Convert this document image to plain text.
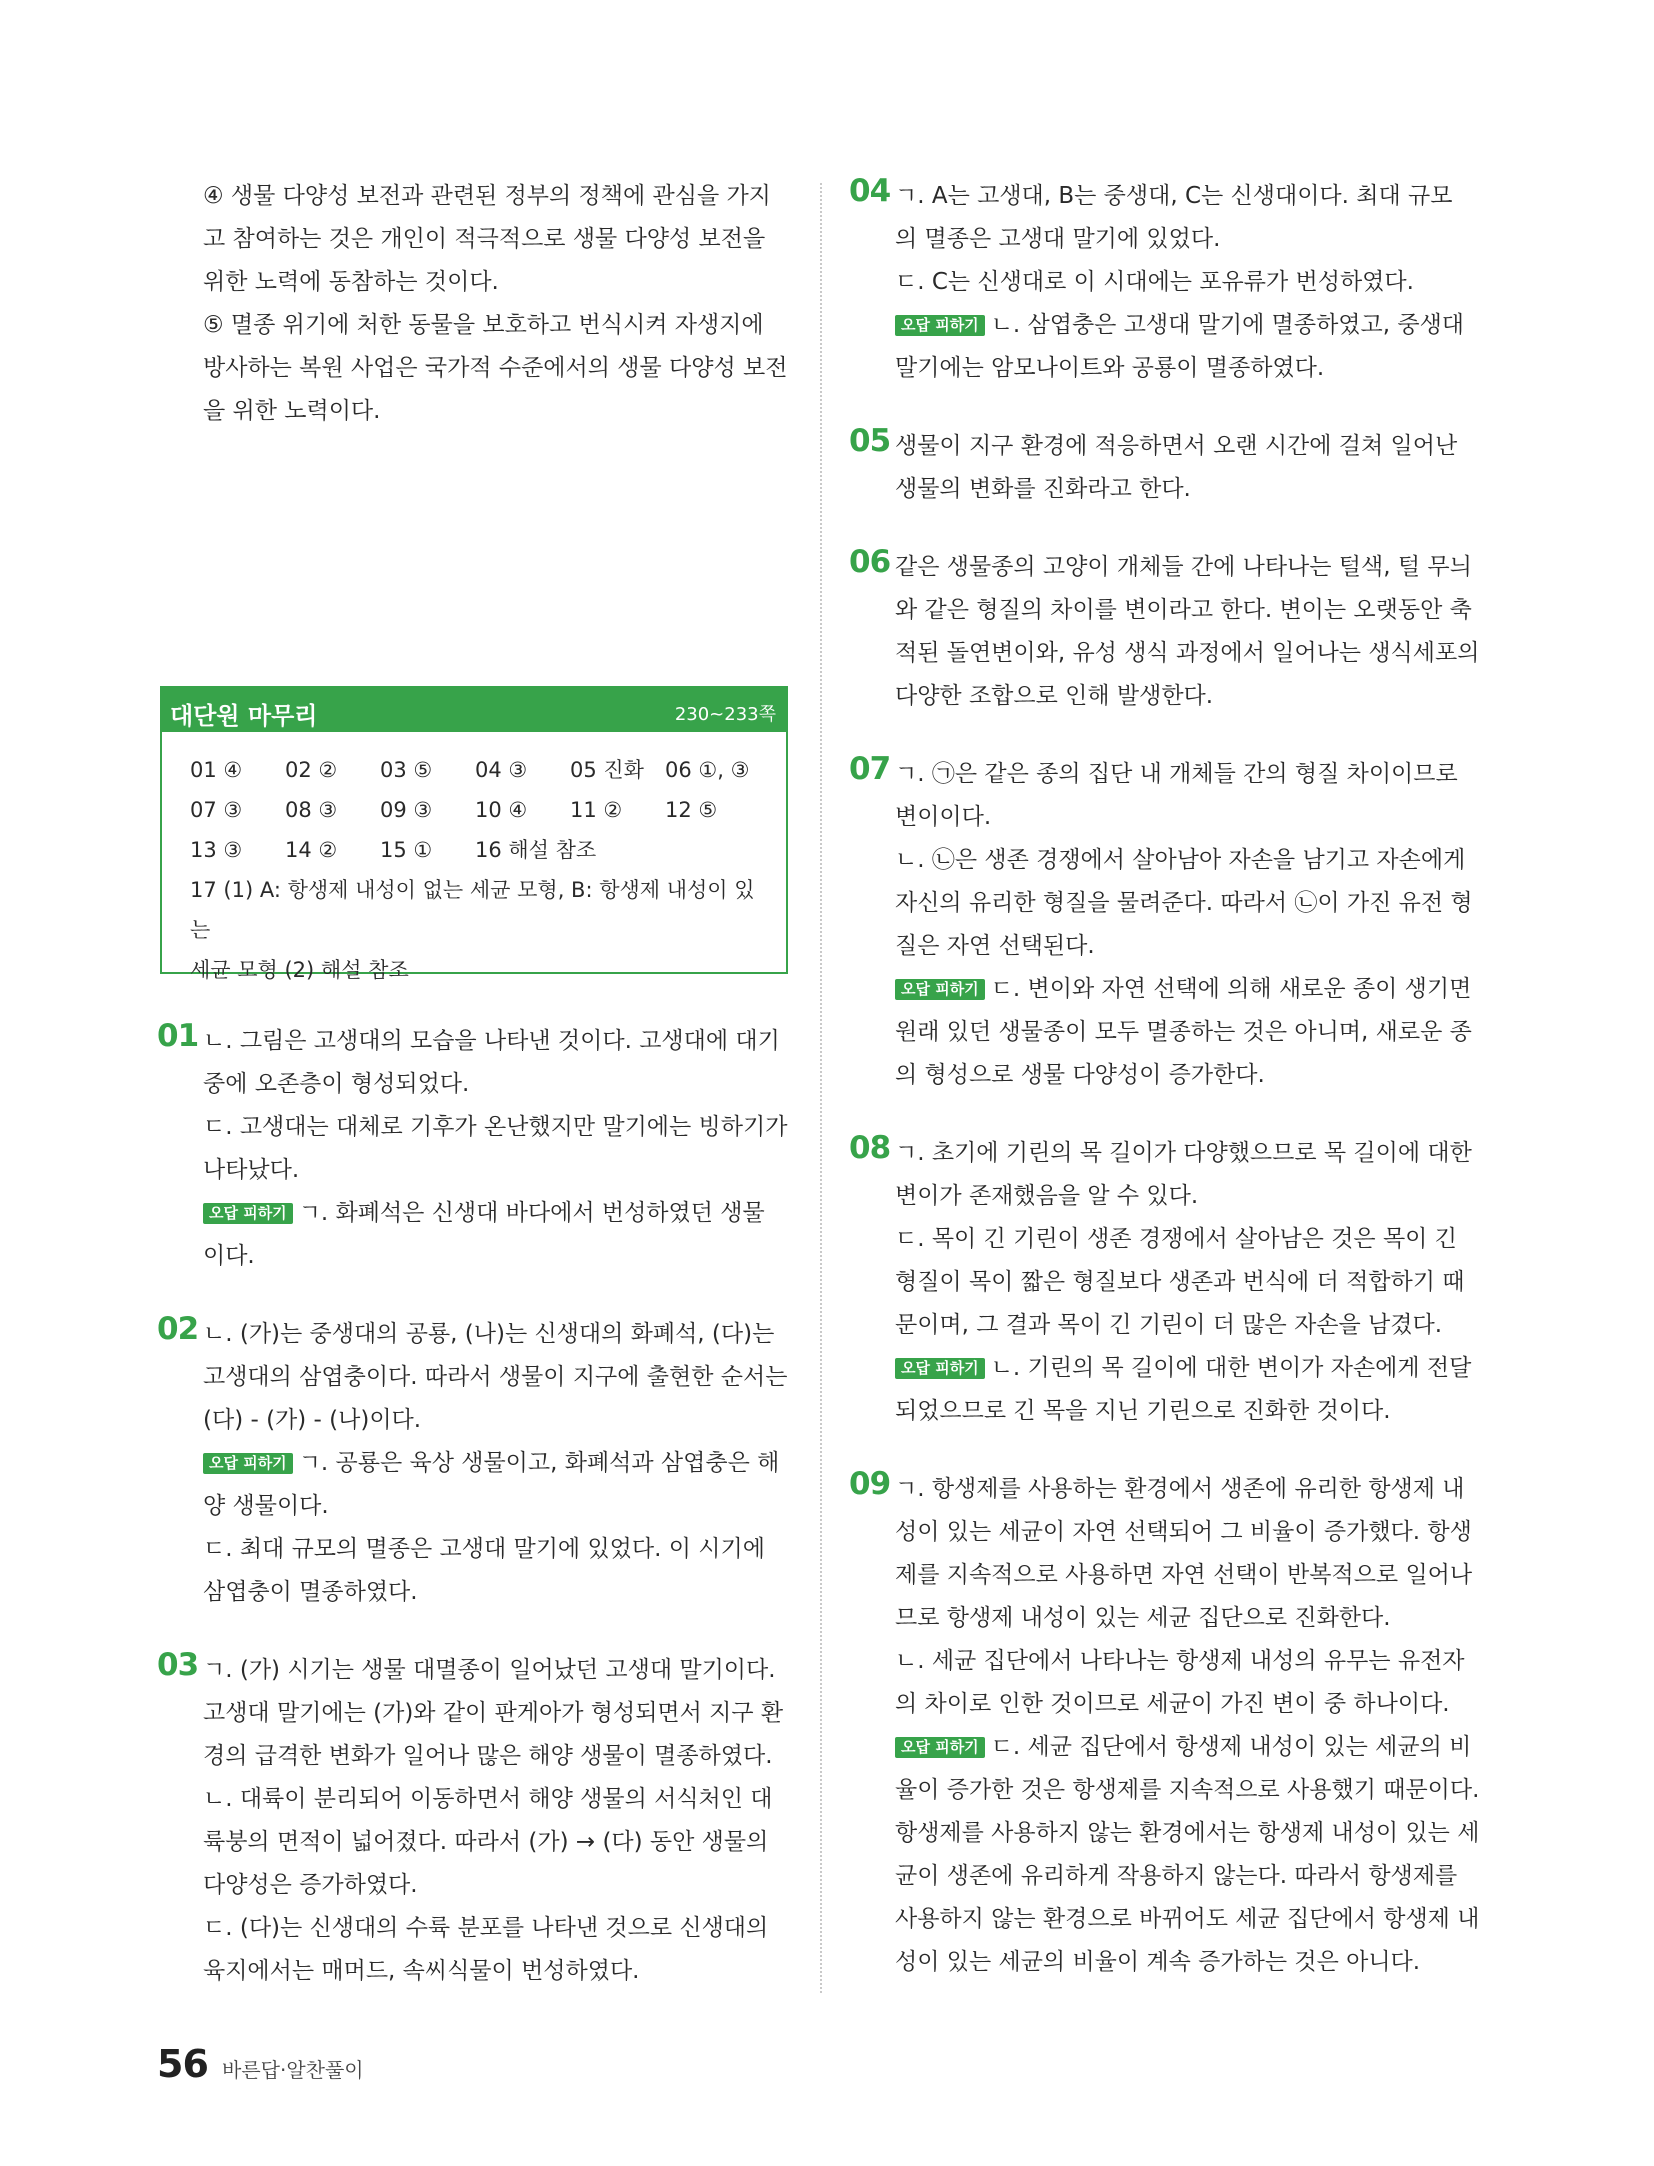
④ 생물 다양성 보전과 관련된 정부의 정책에 관심을 가지

고 참여하는 것은 개인이 적극적으로 생물 다양성 보전을

위한 노력에 동참하는 것이다.

⑤ 멸종 위기에 처한 동물을 보호하고 번식시켜 자생지에

방사하는 복원 사업은 국가적 수준에서의 생물 다양성 보전

을 위한 노력이다.

대단원 마무리	230~233쪽
01 ④ 02 ② 03 ⑤ 04 ③ 05 진화 06 ①, ③
07 ③ 08 ③ 09 ③ 10 ④ 11 ② 12 ⑤
13 ③ 14 ② 15 ① 16 해설 참조

17 (1) A: 항생제 내성이 없는 세균 모형, B: 항생제 내성이 있는

세균 모형 (2) 해설 참조

01 ㄴ. 그림은 고생대의 모습을 나타낸 것이다. 고생대에 대기

중에 오존층이 형성되었다.

ㄷ. 고생대는 대체로 기후가 온난했지만 말기에는 빙하기가

나타났다.

오답 피하기 ㄱ. 화폐석은 신생대 바다에서 번성하였던 생물

이다.

02 ㄴ. (가)는 중생대의 공룡, (나)는 신생대의 화폐석, (다)는

고생대의 삼엽충이다. 따라서 생물이 지구에 출현한 순서는

(다) - (가) - (나)이다.

오답 피하기 ㄱ. 공룡은 육상 생물이고, 화폐석과 삼엽충은 해

양 생물이다.

ㄷ. 최대 규모의 멸종은 고생대 말기에 있었다. 이 시기에

삼엽충이 멸종하였다.

03 ㄱ. (가) 시기는 생물 대멸종이 일어났던 고생대 말기이다.

고생대 말기에는 (가)와 같이 판게아가 형성되면서 지구 환

경의 급격한 변화가 일어나 많은 해양 생물이 멸종하였다.

ㄴ. 대륙이 분리되어 이동하면서 해양 생물의 서식처인 대

륙붕의 면적이 넓어졌다. 따라서 (가) → (다) 동안 생물의

다양성은 증가하였다.

ㄷ. (다)는 신생대의 수륙 분포를 나타낸 것으로 신생대의

육지에서는 매머드, 속씨식물이 번성하였다.

04 ㄱ. A는 고생대, B는 중생대, C는 신생대이다. 최대 규모

의 멸종은 고생대 말기에 있었다.

ㄷ. C는 신생대로 이 시대에는 포유류가 번성하였다.

오답 피하기 ㄴ. 삼엽충은 고생대 말기에 멸종하였고, 중생대

말기에는 암모나이트와 공룡이 멸종하였다.

05 생물이 지구 환경에 적응하면서 오랜 시간에 걸쳐 일어난

생물의 변화를 진화라고 한다.

06 같은 생물종의 고양이 개체들 간에 나타나는 털색, 털 무늬

와 같은 형질의 차이를 변이라고 한다. 변이는 오랫동안 축

적된 돌연변이와, 유성 생식 과정에서 일어나는 생식세포의

다양한 조합으로 인해 발생한다.

07 ㄱ. ㉠은 같은 종의 집단 내 개체들 간의 형질 차이이므로

변이이다.

ㄴ. ㉡은 생존 경쟁에서 살아남아 자손을 남기고 자손에게

자신의 유리한 형질을 물려준다. 따라서 ㉡이 가진 유전 형

질은 자연 선택된다.

오답 피하기 ㄷ. 변이와 자연 선택에 의해 새로운 종이 생기면

원래 있던 생물종이 모두 멸종하는 것은 아니며, 새로운 종

의 형성으로 생물 다양성이 증가한다.

08 ㄱ. 초기에 기린의 목 길이가 다양했으므로 목 길이에 대한

변이가 존재했음을 알 수 있다.

ㄷ. 목이 긴 기린이 생존 경쟁에서 살아남은 것은 목이 긴

형질이 목이 짧은 형질보다 생존과 번식에 더 적합하기 때

문이며, 그 결과 목이 긴 기린이 더 많은 자손을 남겼다.

오답 피하기 ㄴ. 기린의 목 길이에 대한 변이가 자손에게 전달

되었으므로 긴 목을 지닌 기린으로 진화한 것이다.

09 ㄱ. 항생제를 사용하는 환경에서 생존에 유리한 항생제 내

성이 있는 세균이 자연 선택되어 그 비율이 증가했다. 항생

제를 지속적으로 사용하면 자연 선택이 반복적으로 일어나

므로 항생제 내성이 있는 세균 집단으로 진화한다.

ㄴ. 세균 집단에서 나타나는 항생제 내성의 유무는 유전자

의 차이로 인한 것이므로 세균이 가진 변이 중 하나이다.

오답 피하기 ㄷ. 세균 집단에서 항생제 내성이 있는 세균의 비

율이 증가한 것은 항생제를 지속적으로 사용했기 때문이다.

항생제를 사용하지 않는 환경에서는 항생제 내성이 있는 세

균이 생존에 유리하게 작용하지 않는다. 따라서 항생제를

사용하지 않는 환경으로 바뀌어도 세균 집단에서 항생제 내

성이 있는 세균의 비율이 계속 증가하는 것은 아니다.

56 바른답·알찬풀이
